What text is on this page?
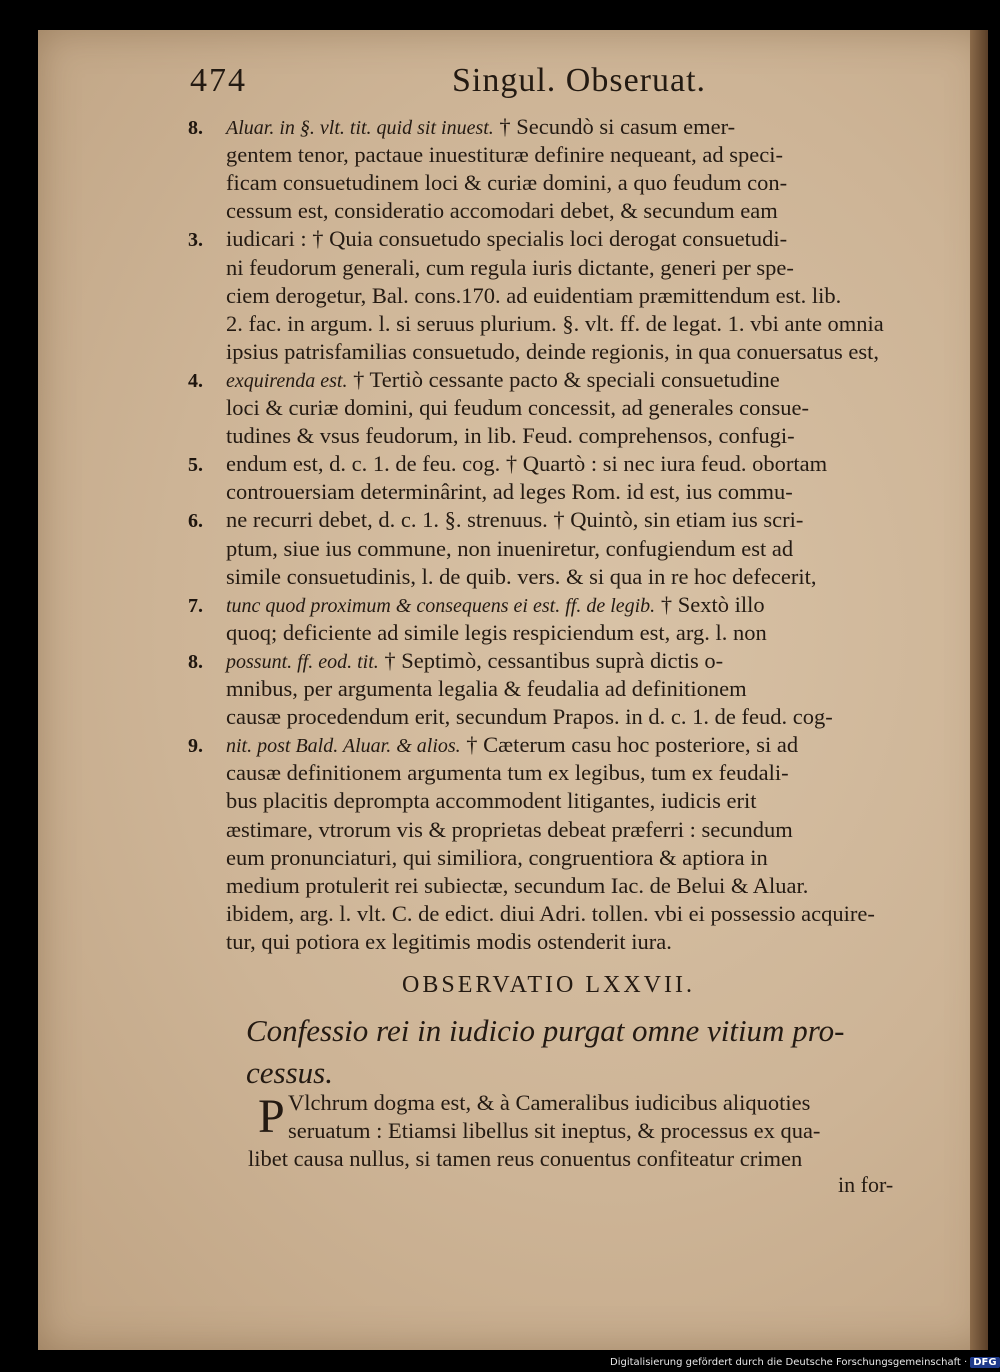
474	Singul. Obseruat.
8. Aluar. in §. vlt. tit. quid sit inuest. † Secundò si casum emer-
gentem tenor, pactaue inuestituræ definire nequeant, ad speci-
ficam consuetudinem loci & curiæ domini, a quo feudum con-
cessum est, consideratio accomodari debet, & secundum eam
3. iudicari : † Quia consuetudo specialis loci derogat consuetudi-
ni feudorum generali, cum regula iuris dictante, generi per spe-
ciem derogetur, Bal. cons.170. ad euidentiam præmittendum est. lib.
2. fac. in argum. l. si seruus plurium. §. vlt. ff. de legat. 1. vbi ante omnia
ipsius patrisfamilias consuetudo, deinde regionis, in qua conuersatus est,
4. exquirenda est. † Tertiò cessante pacto & speciali consuetudine
loci & curiæ domini, qui feudum concessit, ad generales consue-
tudines & vsus feudorum, in lib. Feud. comprehensos, confugi-
5. endum est, d. c. 1. de feu. cog. † Quartò : si nec iura feud. obortam
controuersiam determinârint, ad leges Rom. id est, ius commu-
6. ne recurri debet, d. c. 1. §. strenuus. † Quintò, sin etiam ius scri-
ptum, siue ius commune, non inueniretur, confugiendum est ad
simile consuetudinis, l. de quib. vers. & si qua in re hoc defecerit,
7. tunc quod proximum & consequens ei est. ff. de legib. † Sextò illo
quoq; deficiente ad simile legis respiciendum est, arg. l. non
8. possunt. ff. eod. tit. † Septimò, cessantibus suprà dictis o-
mnibus, per argumenta legalia & feudalia ad definitionem
causæ procedendum erit, secundum Prapos. in d. c. 1. de feud. cog-
9. nit. post Bald. Aluar. & alios. † Cæterum casu hoc posteriore, si ad
causæ definitionem argumenta tum ex legibus, tum ex feudali-
bus placitis deprompta accommodent litigantes, iudicis erit
æstimare, vtrorum vis & proprietas debeat præferri : secundum
eum pronunciaturi, qui similiora, congruentiora & aptiora in
medium protulerit rei subiectæ, secundum Iac. de Belui & Aluar.
ibidem, arg. l. vlt. C. de edict. diui Adri. tollen. vbi ei possessio acquire-
tur, qui potiora ex legitimis modis ostenderit iura.
OBSERVATIO LXXVII.
Confessio rei in iudicio purgat omne vitium pro-
cessus.
P Vlchrum dogma est, & à Cameralibus iudicibus aliquoties
seruatum : Etiamsi libellus sit ineptus, & processus ex qua-
libet causa nullus, si tamen reus conuentus confiteatur crimen
in for-
Digitalisierung gefördert durch die Deutsche Forschungsgemeinschaft · DFG
